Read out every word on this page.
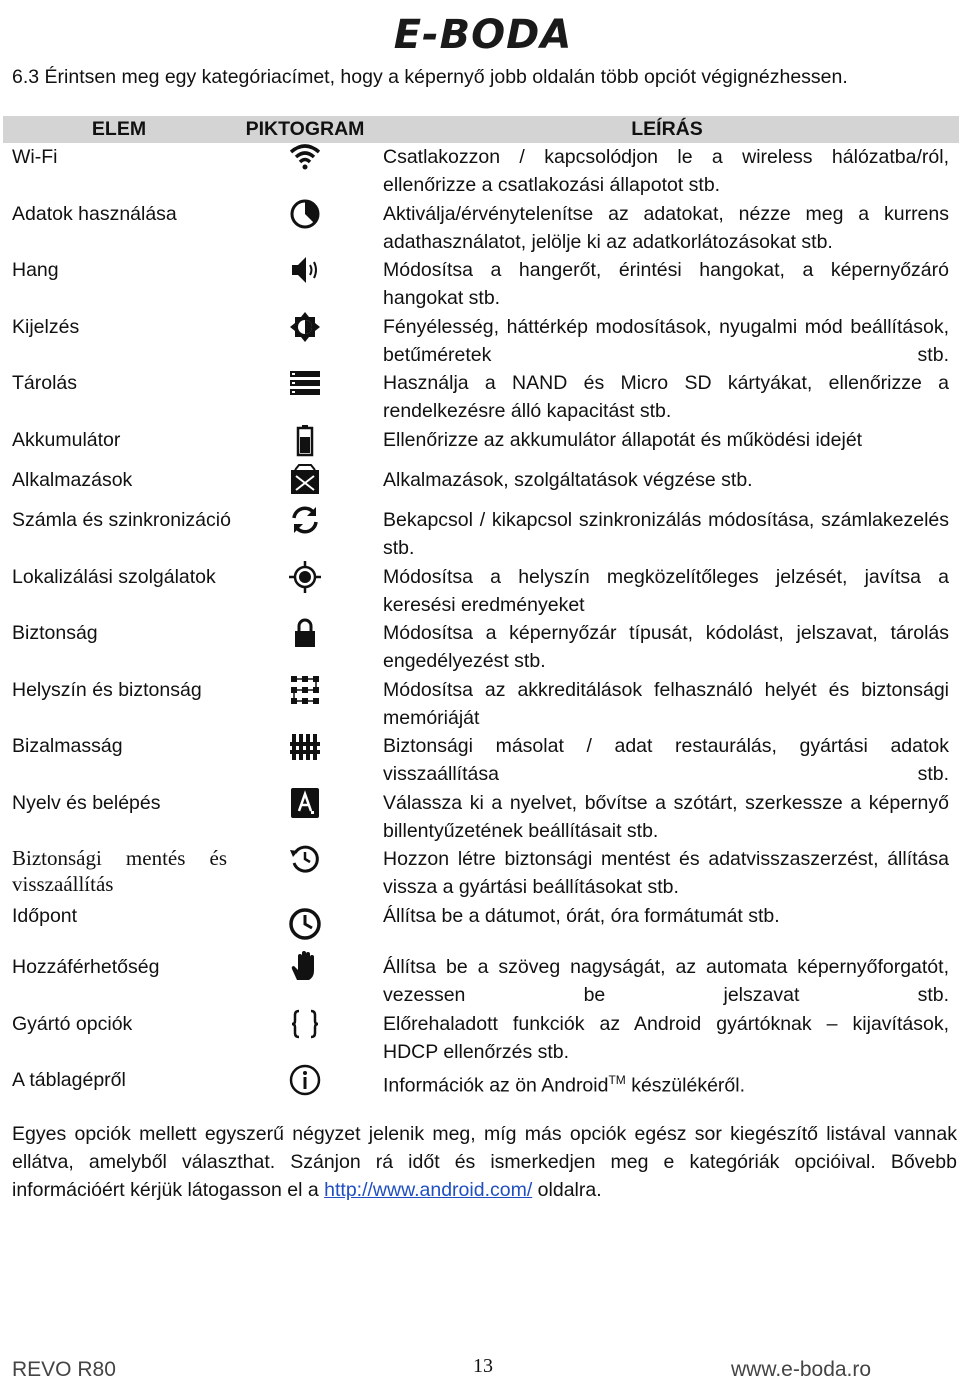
E-BODA
6.3 Érintsen meg egy kategóriacímet, hogy a képernyő jobb oldalán több opciót végignézhessen.
ELEM	PIKTOGRAM	LEÍRÁS
Wi-Fi		Csatlakozzon / kapcsolódjon le a wireless hálózatba/ról, ellenőrizze a csatlakozási állapotot stb.
Adatok használása		Aktiválja/érvénytelenítse az adatokat, nézze meg a kurrens adathasználatot, jelölje ki az adatkorlátozásokat stb.
Hang		Módosítsa a hangerőt, érintési hangokat, a képernyőzáró hangokat stb.
Kijelzés		Fényélesség, háttérkép modosítások, nyugalmi mód beállítások, betűméretek stb.
Tárolás		Használja a NAND és Micro SD kártyákat, ellenőrizze a rendelkezésre álló kapacitást stb.
Akkumulátor		Ellenőrizze az akkumulátor állapotát és működési idejét
Alkalmazások		Alkalmazások, szolgáltatások végzése stb.
Számla és szinkronizáció		Bekapcsol / kikapcsol szinkronizálás módosítása, számlakezelés stb.
Lokalizálási szolgálatok		Módosítsa a helyszín megközelítőleges jelzését, javítsa a keresési eredményeket
Biztonság		Módosítsa a képernyőzár típusát, kódolást, jelszavat, tárolás engedélyezést stb.
Helyszín és biztonság		Módosítsa az akkreditálások felhasználó helyét és biztonsági memóriáját
Bizalmasság		Biztonsági másolat / adat restaurálás, gyártási adatok visszaállítása stb.
Nyelv és belépés		Válassza ki a nyelvet, bővítse a szótárt, szerkessze a képernyő billentyűzetének beállításait stb.
Biztonsági mentés és visszaállítás		Hozzon létre biztonsági mentést és adatvisszaszerzést, állítása vissza a gyártási beállításokat stb.
Időpont		Állítsa be a dátumot, órát, óra formátumát stb.
Hozzáférhetőség		Állítsa be a szöveg nagyságát, az automata képernyőforgatót, vezessen be jelszavat stb.
Gyártó opciók		Előrehaladott funkciók az Android gyártóknak – kijavítások, HDCP ellenőrzés stb.
A táblagépről		Információk az ön Android™ készülékéről.
Egyes opciók mellett egyszerű négyzet jelenik meg, míg más opciók egész sor kiegészítő listával vannak ellátva, amelyből választhat. Szánjon rá időt és ismerkedjen meg e kategóriák opcióival. Bővebb információért kérjük látogasson el a http://www.android.com/ oldalra.
REVO R80	13	www.e-boda.ro
